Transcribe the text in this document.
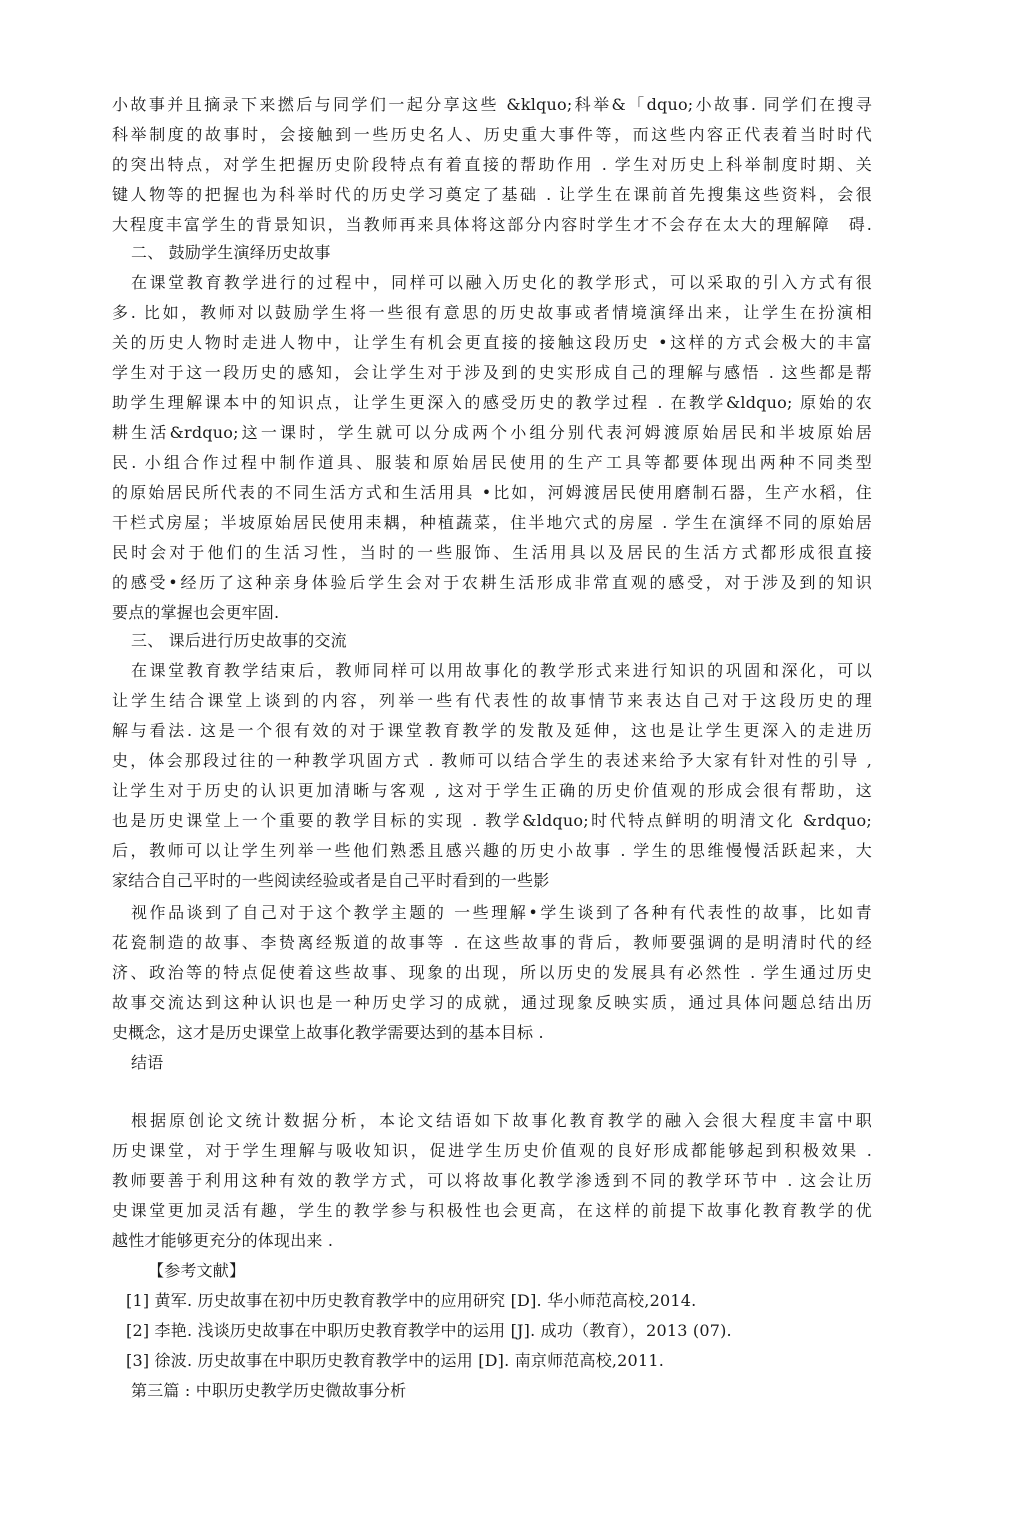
小故事并且摘录下来撚后与同学们一起分享这些 &klquo;科举&「dquo;小故事. 同学们在搜寻
科举制度的故事时，会接触到一些历史名人、历史重大事件等，而这些内容正代表着当时时代
的突出特点，对学生把握历史阶段特点有着直接的帮助作用 . 学生对历史上科举制度时期、关
键人物等的把握也为科举时代的历史学习奠定了基础 . 让学生在课前首先搜集这些资料，会很
大程度丰富学生的背景知识，当教师再来具体将这部分内容时学生才不会存在太大的理解障　碍.
二、 鼓励学生演绎历史故事
在课堂教育教学进行的过程中，同样可以融入历史化的教学形式，可以采取的引入方式有很
多. 比如，教师对以鼓励学生将一些很有意思的历史故事或者情境演绎出来，让学生在扮演相
关的历史人物时走进人物中，让学生有机会更直接的接触这段历史 •这样的方式会极大的丰富
学生对于这一段历史的感知，会让学生对于涉及到的史实形成自己的理解与感悟 . 这些都是帮
助学生理解课本中的知识点，让学生更深入的感受历史的教学过程 . 在教学&ldquo; 原始的农
耕生活&rdquo;这一课时，学生就可以分成两个小组分别代表河姆渡原始居民和半坡原始居
民. 小组合作过程中制作道具、服装和原始居民使用的生产工具等都要体现出两种不同类型
的原始居民所代表的不同生活方式和生活用具 •比如，河姆渡居民使用磨制石器，生产水稻，住
干栏式房屋；半坡原始居民使用耒耦，种植蔬菜，住半地穴式的房屋 . 学生在演绎不同的原始居
民时会对于他们的生活习性，当时的一些服饰、生活用具以及居民的生活方式都形成很直接
的感受•经历了这种亲身体验后学生会对于农耕生活形成非常直观的感受，对于涉及到的知识
要点的掌握也会更牢固.
三、 课后进行历史故事的交流
在课堂教育教学结束后，教师同样可以用故事化的教学形式来进行知识的巩固和深化，可以
让学生结合课堂上谈到的内容，列举一些有代表性的故事情节来表达自己对于这段历史的理
解与看法. 这是一个很有效的对于课堂教育教学的发散及延伸，这也是让学生更深入的走进历
史，体会那段过往的一种教学巩固方式 . 教师可以结合学生的表述来给予大家有针对性的引导 ,
让学生对于历史的认识更加清晰与客观 , 这对于学生正确的历史价值观的形成会很有帮助，这
也是历史课堂上一个重要的教学目标的实现 . 教学&ldquo;时代特点鲜明的明清文化 &rdquo;
后，教师可以让学生列举一些他们熟悉且感兴趣的历史小故事 . 学生的思维慢慢活跃起来，大
家结合自己平时的一些阅读经验或者是自己平时看到的一些影
视作品谈到了自己对于这个教学主题的 一些理解•学生谈到了各种有代表性的故事，比如青
花瓷制造的故事、李贽离经叛道的故事等 . 在这些故事的背后，教师要强调的是明清时代的经
济、政治等的特点促使着这些故事、现象的出现，所以历史的发展具有必然性 . 学生通过历史
故事交流达到这种认识也是一种历史学习的成就，通过现象反映实质，通过具体问题总结出历
史概念，这才是历史课堂上故事化教学需要达到的基本目标 .
结语
根据原创论文统计数据分析，本论文结语如下故事化教育教学的融入会很大程度丰富中职
历史课堂，对于学生理解与吸收知识，促进学生历史价值观的良好形成都能够起到积极效果 .
教师要善于利用这种有效的教学方式，可以将故事化教学渗透到不同的教学环节中 . 这会让历
史课堂更加灵活有趣，学生的教学参与积极性也会更高，在这样的前提下故事化教育教学的优
越性才能够更充分的体现出来 .
【参考文献】
[1] 黄军. 历史故事在初中历史教育教学中的应用研究 [D]. 华小师范高校,2014.
[2] 李艳. 浅谈历史故事在中职历史教育教学中的运用 [J]. 成功（教育），2013 (07).
[3] 徐波. 历史故事在中职历史教育教学中的运用 [D]. 南京师范高校,2011.
第三篇 : 中职历史教学历史微故事分析
